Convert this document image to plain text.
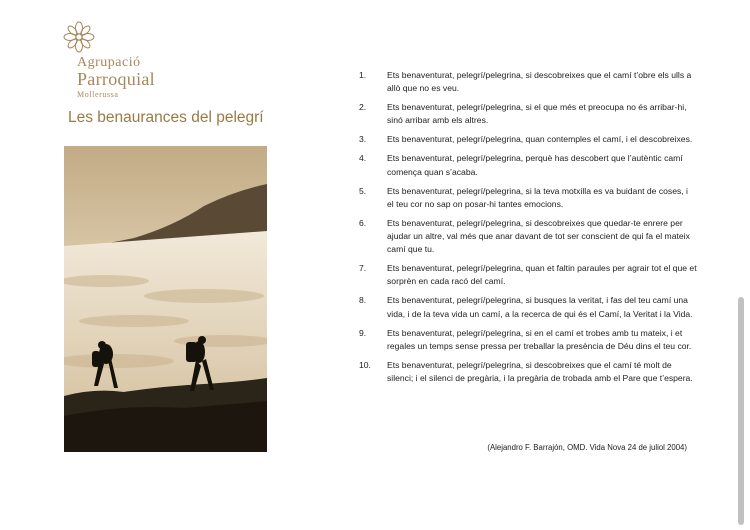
Agrupació
Parroquial
Mollerussa
Les benaurances del pelegrí
1. Ets benaventurat, pelegrí/pelegrina, si descobreixes que el camí t’obre els ulls a allò que no es veu.
2. Ets benaventurat, pelegrí/pelegrina, si el que més et preocupa no és arribar-hi, sinó arribar amb els altres.
3. Ets benaventurat, pelegrí/pelegrina, quan contemples el camí, i el descobreixes.
4. Ets benaventurat, pelegrí/pelegrina, perquè has descobert que l’autèntic camí comença quan s’acaba.
5. Ets benaventurat, pelegrí/pelegrina, si la teva motxilla es va buidant de coses, i el teu cor no sap on posar-hi tantes emocions.
6. Ets benaventurat, pelegrí/pelegrina, si descobreixes que quedar-te enrere per ajudar un altre, val més que anar davant de tot ser conscient de qui fa el mateix camí que tu.
7. Ets benaventurat, pelegrí/pelegrina, quan et faltin paraules per agrair tot el que et sorprèn en cada racó del camí.
8. Ets benaventurat, pelegrí/pelegrina, si busques la veritat, i fas del teu camí una vida, i de la teva vida un camí, a la recerca de qui és el Camí, la Veritat i la Vida.
9. Ets benaventurat, pelegrí/pelegrina, si en el camí et trobes amb tu mateix, i et regales un temps sense pressa per treballar la presència de Déu dins el teu cor.
10. Ets benaventurat, pelegrí/pelegrina, si descobreixes que el camí té molt de silenci; i el silenci de pregària, i la pregària de trobada amb el Pare que t’espera.
(Alejandro F. Barrajón, OMD. Vida Nova 24 de juliol 2004)
